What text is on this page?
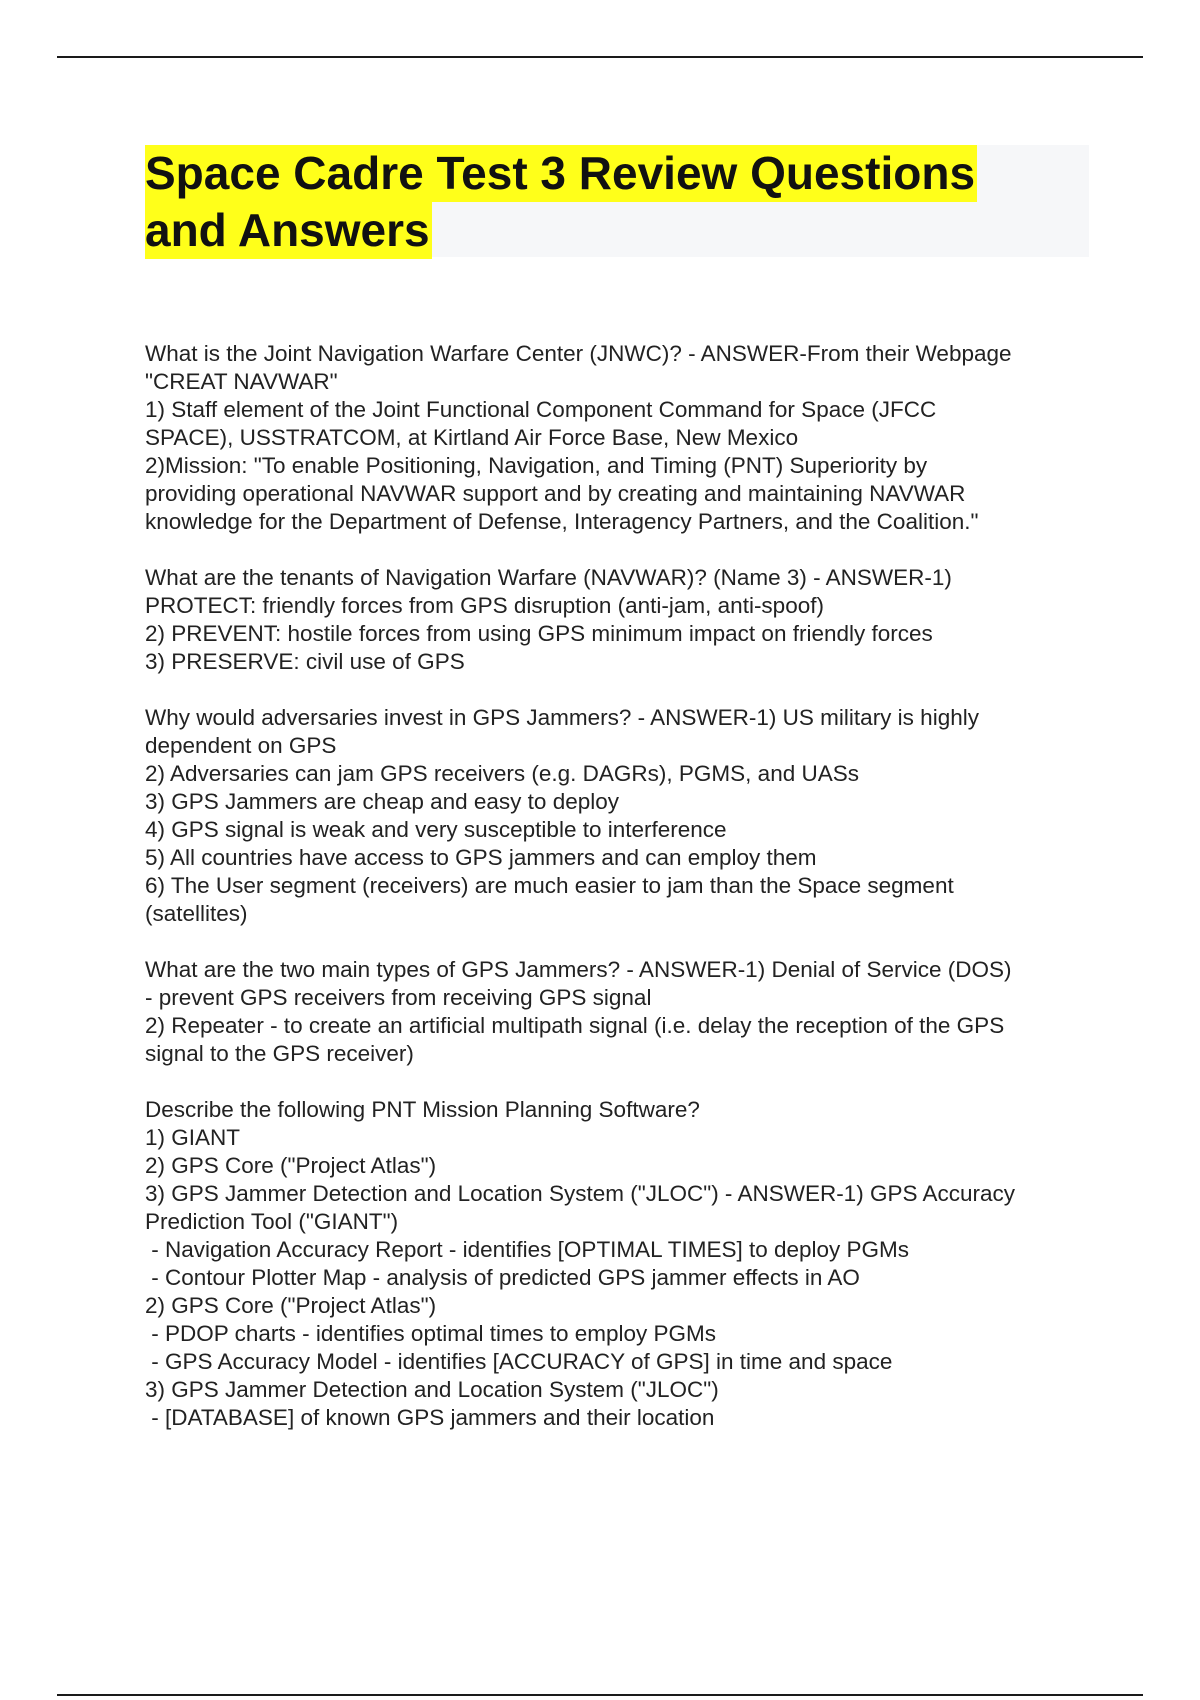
Space Cadre Test 3 Review Questions
and Answers

What is the Joint Navigation Warfare Center (JNWC)? - ANSWER-From their Webpage

"CREAT NAVWAR"

1) Staff element of the Joint Functional Component Command for Space (JFCC

SPACE), USSTRATCOM, at Kirtland Air Force Base, New Mexico

2)Mission: "To enable Positioning, Navigation, and Timing (PNT) Superiority by

providing operational NAVWAR support and by creating and maintaining NAVWAR

knowledge for the Department of Defense, Interagency Partners, and the Coalition."

What are the tenants of Navigation Warfare (NAVWAR)? (Name 3) - ANSWER-1)

PROTECT: friendly forces from GPS disruption (anti-jam, anti-spoof)

2) PREVENT: hostile forces from using GPS minimum impact on friendly forces

3) PRESERVE: civil use of GPS

Why would adversaries invest in GPS Jammers? - ANSWER-1) US military is highly

dependent on GPS

2) Adversaries can jam GPS receivers (e.g. DAGRs), PGMS, and UASs

3) GPS Jammers are cheap and easy to deploy

4) GPS signal is weak and very susceptible to interference

5) All countries have access to GPS jammers and can employ them

6) The User segment (receivers) are much easier to jam than the Space segment

(satellites)

What are the two main types of GPS Jammers? - ANSWER-1) Denial of Service (DOS)

- prevent GPS receivers from receiving GPS signal

2) Repeater - to create an artificial multipath signal (i.e. delay the reception of the GPS

signal to the GPS receiver)

Describe the following PNT Mission Planning Software?

1) GIANT

2) GPS Core ("Project Atlas")

3) GPS Jammer Detection and Location System ("JLOC") - ANSWER-1) GPS Accuracy

Prediction Tool ("GIANT")

- Navigation Accuracy Report - identifies [OPTIMAL TIMES] to deploy PGMs

- Contour Plotter Map - analysis of predicted GPS jammer effects in AO

2) GPS Core ("Project Atlas")

- PDOP charts - identifies optimal times to employ PGMs

- GPS Accuracy Model - identifies [ACCURACY of GPS] in time and space

3) GPS Jammer Detection and Location System ("JLOC")

- [DATABASE] of known GPS jammers and their location
